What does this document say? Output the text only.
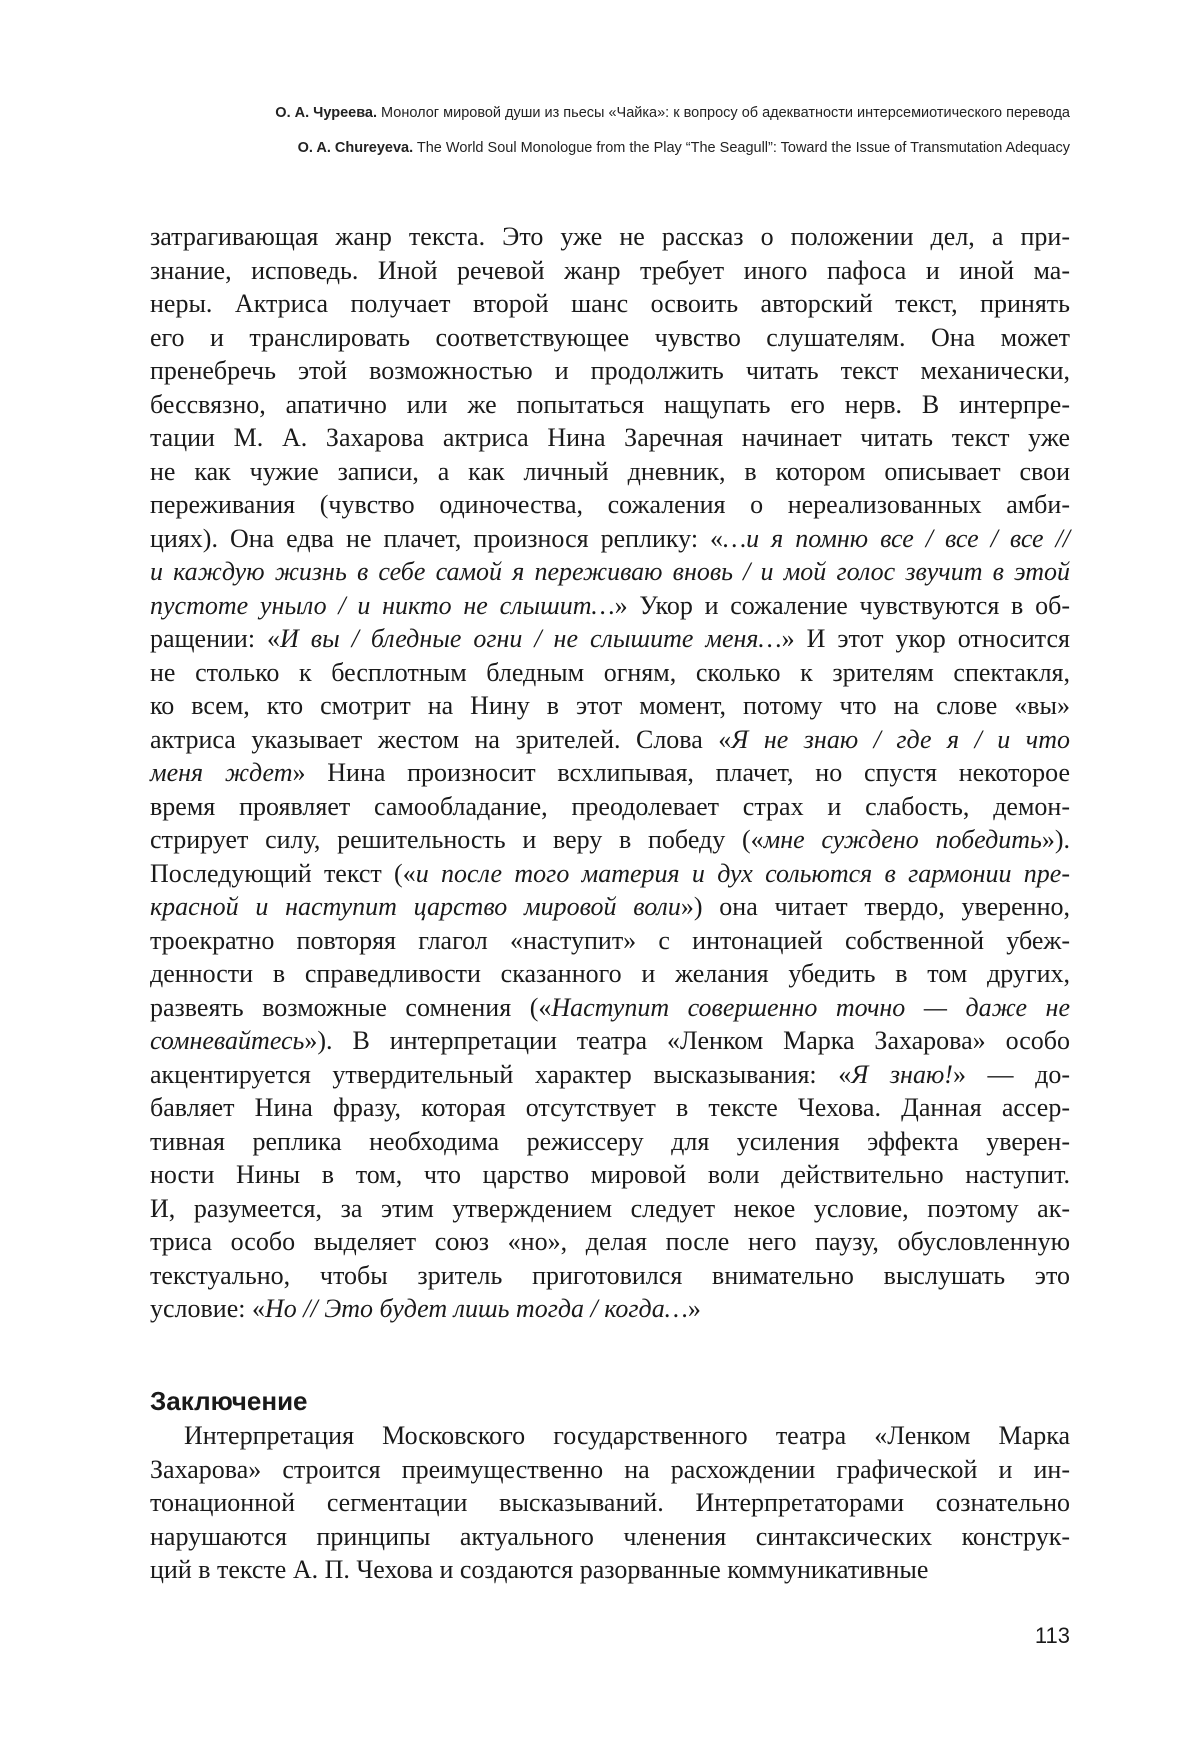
О. А. Чуреева. Монолог мировой души из пьесы «Чайка»: к вопросу об адекватности интерсемиотического перевода
O. A. Chureyeva. The World Soul Monologue from the Play “The Seagull”: Toward the Issue of Transmutation Adequacy
затрагивающая жанр текста. Это уже не рассказ о положении дел, а при-
знание, исповедь. Иной речевой жанр требует иного пафоса и иной ма-
неры. Актриса получает второй шанс освоить авторский текст, принять
его и транслировать соответствующее чувство слушателям. Она может
пренебречь этой возможностью и продолжить читать текст механически,
бессвязно, апатично или же попытаться нащупать его нерв. В интерпре-
тации М. А. Захарова актриса Нина Заречная начинает читать текст уже
не как чужие записи, а как личный дневник, в котором описывает свои
переживания (чувство одиночества, сожаления о нереализованных амби-
циях). Она едва не плачет, произнося реплику: «…и я помню все / все / все //
и каждую жизнь в себе самой я переживаю вновь / и мой голос звучит в этой
пустоте уныло / и никто не слышит…» Укор и сожаление чувствуются в об-
ращении: «И вы / бледные огни / не слышите меня…» И этот укор относится
не столько к бесплотным бледным огням, сколько к зрителям спектакля,
ко всем, кто смотрит на Нину в этот момент, потому что на слове «вы»
актриса указывает жестом на зрителей. Слова «Я не знаю / где я / и что
меня ждет» Нина произносит всхлипывая, плачет, но спустя некоторое
время проявляет самообладание, преодолевает страх и слабость, демон-
стрирует силу, решительность и веру в победу («мне суждено победить»).
Последующий текст («и после того материя и дух сольются в гармонии пре-
красной и наступит царство мировой воли») она читает твердо, уверенно,
троекратно повторяя глагол «наступит» с интонацией собственной убеж-
денности в справедливости сказанного и желания убедить в том других,
развеять возможные сомнения («Наступит совершенно точно — даже не
сомневайтесь»). В интерпретации театра «Ленком Марка Захарова» особо
акцентируется утвердительный характер высказывания: «Я знаю!» — до-
бавляет Нина фразу, которая отсутствует в тексте Чехова. Данная ассер-
тивная реплика необходима режиссеру для усиления эффекта уверен-
ности Нины в том, что царство мировой воли действительно наступит.
И, разумеется, за этим утверждением следует некое условие, поэтому ак-
триса особо выделяет союз «но», делая после него паузу, обусловленную
текстуально, чтобы зритель приготовился внимательно выслушать это
условие: «Но // Это будет лишь тогда / когда…»
Заключение
Интерпретация Московского государственного театра «Ленком Марка
Захарова» строится преимущественно на расхождении графической и ин-
тонационной сегментации высказываний. Интерпретаторами сознательно
нарушаются принципы актуального членения синтаксических конструк-
ций в тексте А. П. Чехова и создаются разорванные коммуникативные
113
